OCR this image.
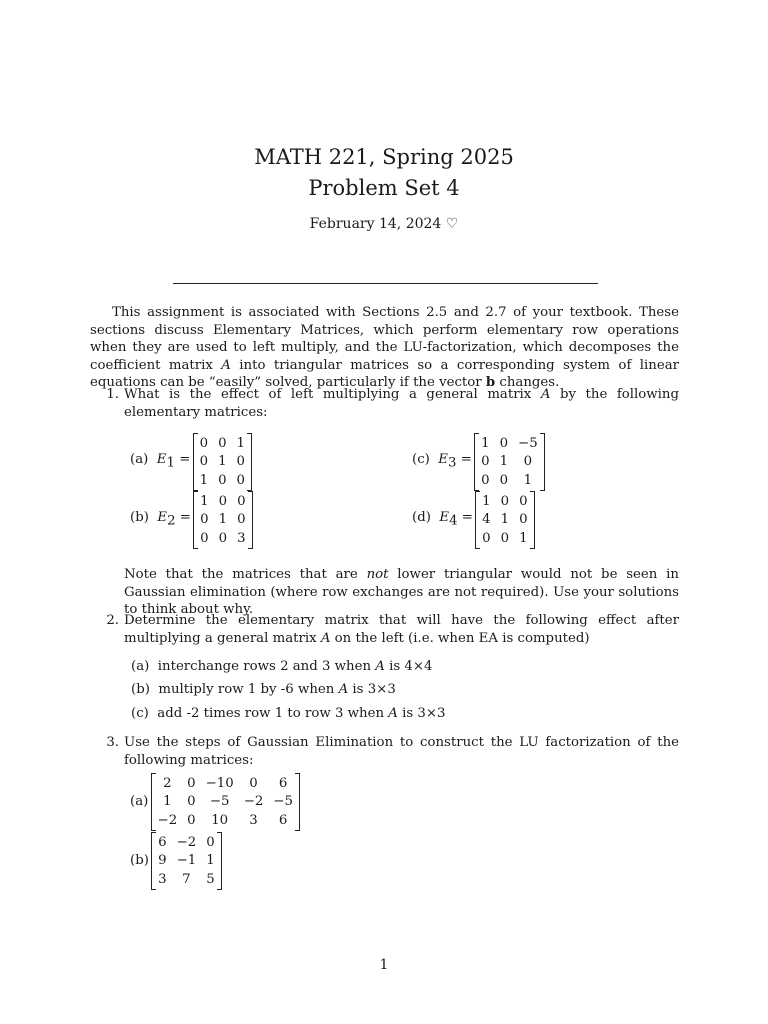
MATH 221, Spring 2025
Problem Set 4
February 14, 2024 ♡
This assignment is associated with Sections 2.5 and 2.7 of your textbook. These sections discuss Elementary Matrices, which perform elementary row operations when they are used to left multiply, and the LU-factorization, which decomposes the coefficient matrix A into triangular matrices so a corresponding system of linear equations can be “easily” solved, particularly if the vector b changes.
1. What is the effect of left multiplying a general matrix A by the following elementary matrices:
(a) $E_1$ =
0	0	1
0	1	0
1	0	0
(b) $E_2$ =
1	0	0
0	1	0
0	0	3
(c) $E_3$ =
1	0	−5
0	1	0
0	0	1
(d) $E_4$ =
1	0	0
4	1	0
0	0	1
Note that the matrices that are not lower triangular would not be seen in Gaussian elimination (where row exchanges are not required). Use your solutions to think about why.
2. Determine the elementary matrix that will have the following effect after multiplying a general matrix A on the left (i.e. when EA is computed)
(a) interchange rows 2 and 3 when A is 4×4
(b) multiply row 1 by -6 when A is 3×3
(c) add -2 times row 1 to row 3 when A is 3×3
3. Use the steps of Gaussian Elimination to construct the LU factorization of the following matrices:
(a)

2	0	−10	0	6
1	0	−5	−2	−5
−2	0	10	3	6
(b)

6	−2	0
9	−1	1
3	7	5
1
